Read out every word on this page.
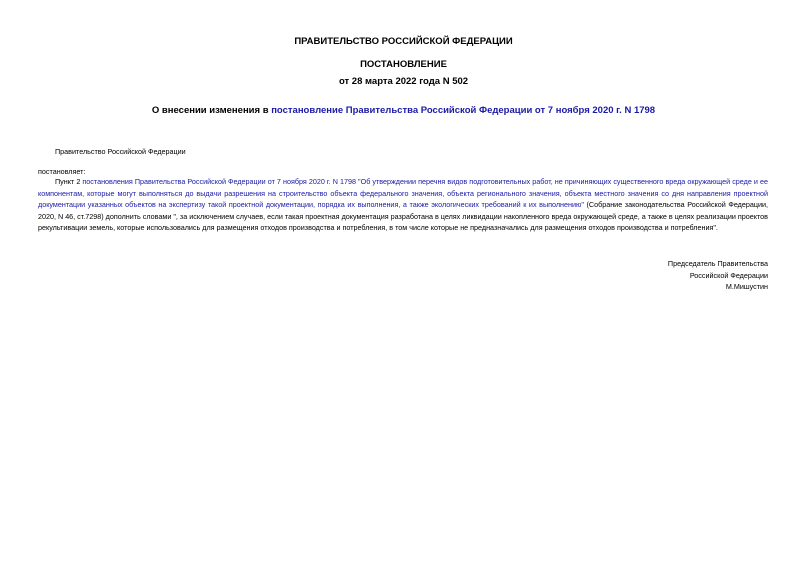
ПРАВИТЕЛЬСТВО РОССИЙСКОЙ ФЕДЕРАЦИИ
ПОСТАНОВЛЕНИЕ
от 28 марта 2022 года N 502
О внесении изменения в постановление Правительства Российской Федерации от 7 ноября 2020 г. N 1798
Правительство Российской Федерации
постановляет:
Пункт 2 постановления Правительства Российской Федерации от 7 ноября 2020 г. N 1798 "Об утверждении перечня видов подготовительных работ, не причиняющих существенного вреда окружающей среде и ее компонентам, которые могут выполняться до выдачи разрешения на строительство объекта федерального значения, объекта регионального значения, объекта местного значения со дня направления проектной документации указанных объектов на экспертизу такой проектной документации, порядка их выполнения, а также экологических требований к их выполнению" (Собрание законодательства Российской Федерации, 2020, N 46, ст.7298) дополнить словами ", за исключением случаев, если такая проектная документация разработана в целях ликвидации накопленного вреда окружающей среде, а также в целях реализации проектов рекультивации земель, которые использовались для размещения отходов производства и потребления, в том числе которые не предназначались для размещения отходов производства и потребления".
Председатель Правительства
Российской Федерации
М.Мишустин
